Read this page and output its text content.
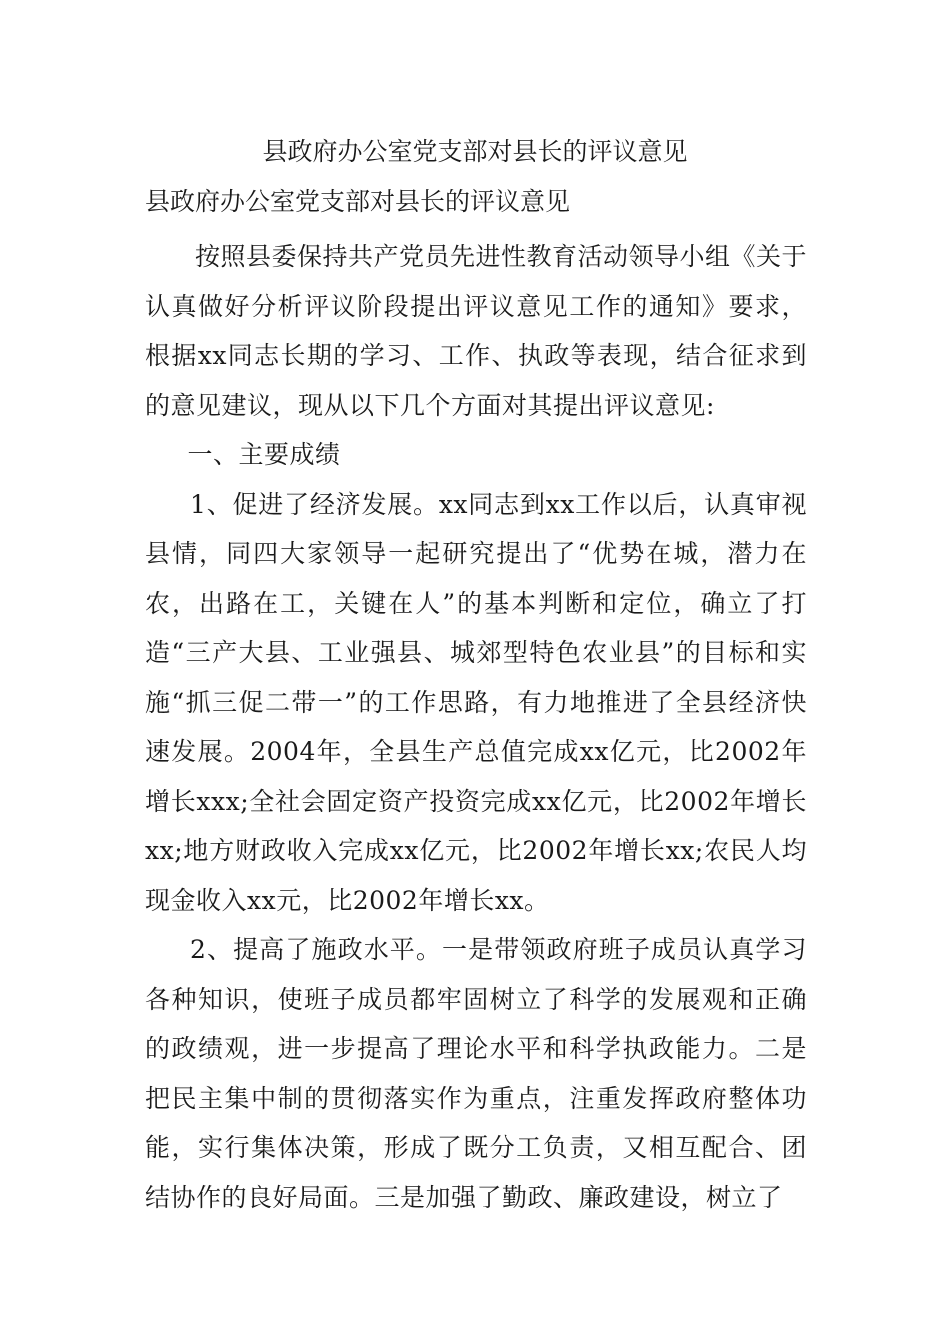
县政府办公室党支部对县长的评议意见
县政府办公室党支部对县长的评议意见

按照县委保持共产党员先进性教育活动领导小组《关于认真做好分析评议阶段提出评议意见工作的通知》要求，根据xx同志长期的学习、工作、执政等表现，结合征求到的意见建议，现从以下几个方面对其提出评议意见:

一、主要成绩

1、促进了经济发展。xx同志到xx工作以后，认真审视县情，同四大家领导一起研究提出了“优势在城，潜力在农，出路在工，关键在人”的基本判断和定位，确立了打造“三产大县、工业强县、城郊型特色农业县”的目标和实施“抓三促二带一”的工作思路，有力地推进了全县经济快速发展。2004年，全县生产总值完成xx亿元，比2002年增长xxx;全社会固定资产投资完成xx亿元，比2002年增长xx;地方财政收入完成xx亿元，比2002年增长xx;农民人均现金收入xx元，比2002年增长xx。

2、提高了施政水平。一是带领政府班子成员认真学习各种知识，使班子成员都牢固树立了科学的发展观和正确的政绩观，进一步提高了理论水平和科学执政能力。二是把民主集中制的贯彻落实作为重点，注重发挥政府整体功能，实行集体决策，形成了既分工负责，又相互配合、团结协作的良好局面。三是加强了勤政、廉政建设，树立了
